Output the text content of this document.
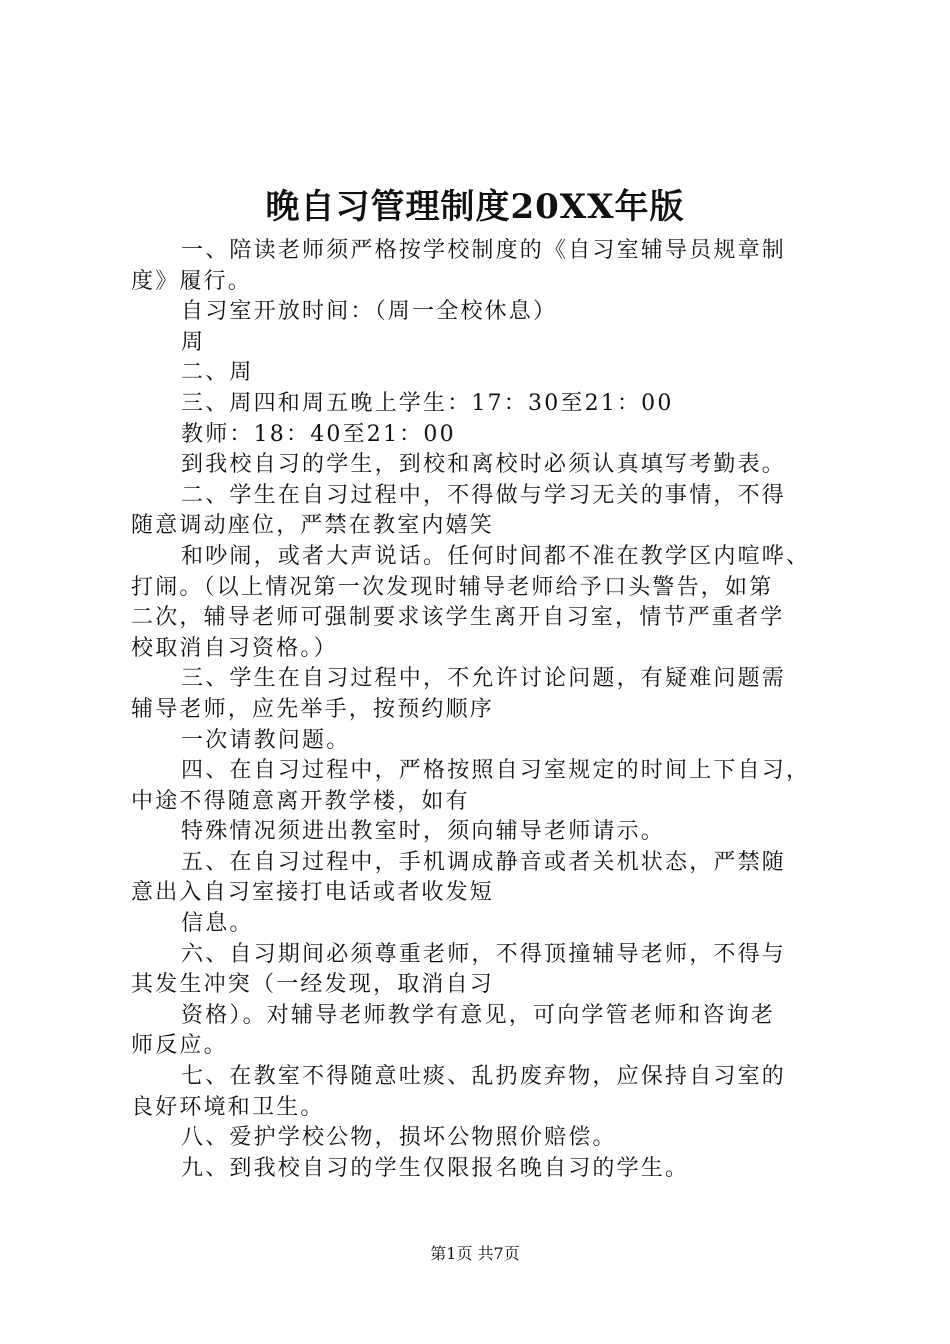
晚自习管理制度20XX年版
一、陪读老师须严格按学校制度的《自习室辅导员规章制
度》履行。
自习室开放时间：（周一全校休息）
周
二、周
三、周四和周五晚上学生：17：30至21：00
教师：18：40至21：00
到我校自习的学生，到校和离校时必须认真填写考勤表。
二、学生在自习过程中，不得做与学习无关的事情，不得
随意调动座位，严禁在教室内嬉笑
和吵闹，或者大声说话。任何时间都不准在教学区内喧哗、
打闹。（以上情况第一次发现时辅导老师给予口头警告，如第
二次，辅导老师可强制要求该学生离开自习室，情节严重者学
校取消自习资格。）
三、学生在自习过程中，不允许讨论问题，有疑难问题需
辅导老师，应先举手，按预约顺序
一次请教问题。
四、在自习过程中，严格按照自习室规定的时间上下自习，
中途不得随意离开教学楼，如有
特殊情况须进出教室时，须向辅导老师请示。
五、在自习过程中，手机调成静音或者关机状态，严禁随
意出入自习室接打电话或者收发短
信息。
六、自习期间必须尊重老师，不得顶撞辅导老师，不得与
其发生冲突（一经发现，取消自习
资格）。对辅导老师教学有意见，可向学管老师和咨询老
师反应。
七、在教室不得随意吐痰、乱扔废弃物，应保持自习室的
良好环境和卫生。
八、爱护学校公物，损坏公物照价赔偿。
九、到我校自习的学生仅限报名晚自习的学生。
第1页 共7页
